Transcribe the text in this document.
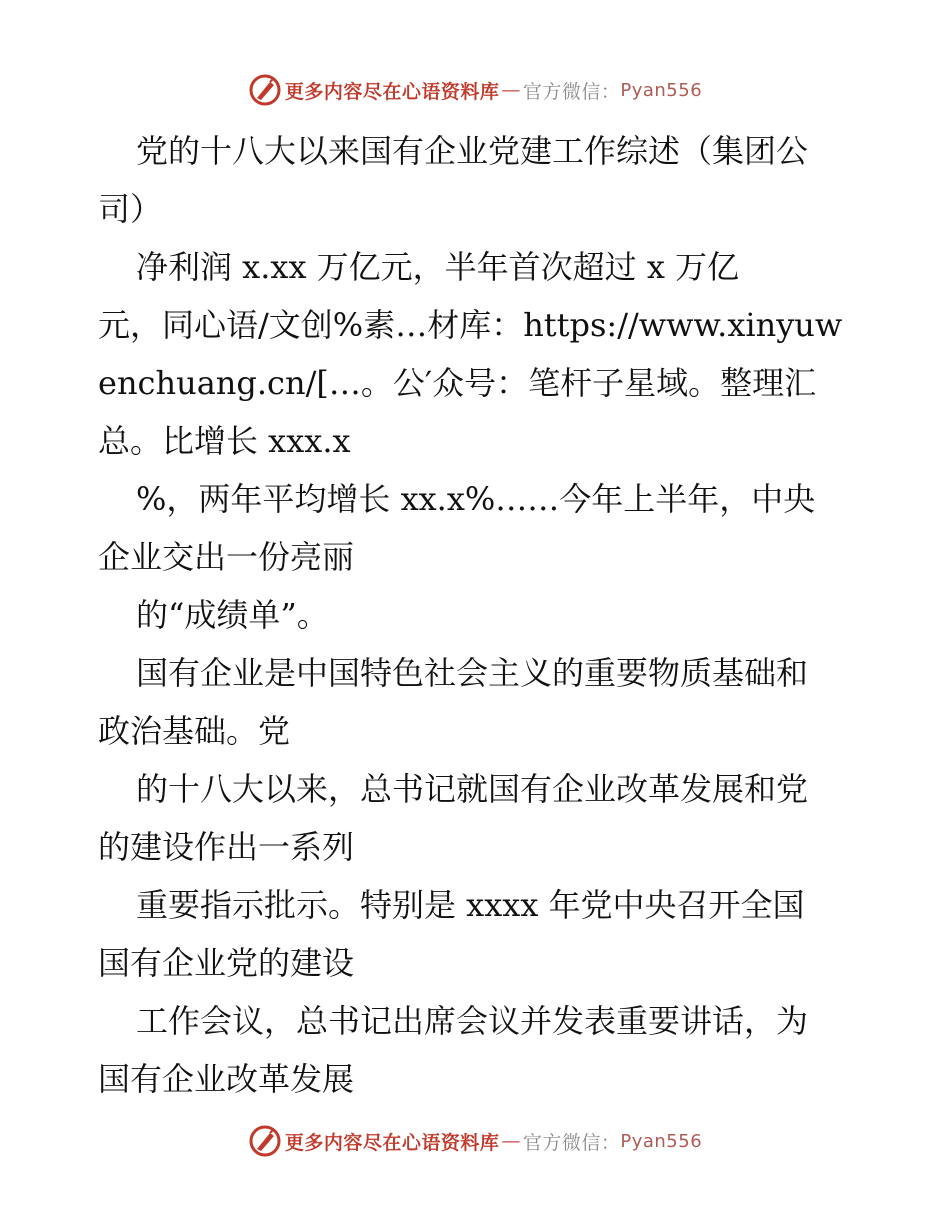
更多内容尽在心语资料库 — 官方微信： Pyan556
党的十八大以来国有企业党建工作综述（集团公
司）
净利润 x.xx 万亿元，半年首次超过 x 万亿
元，同心语/文创%素…材库：https://www.xinyuw
enchuang.cn/[…。公′众号：笔杆子星域。整理汇
总。比增长 xxx.x
%，两年平均增长 xx.x%……今年上半年，中央
企业交出一份亮丽
的“成绩单”。
国有企业是中国特色社会主义的重要物质基础和
政治基础。党
的十八大以来，总书记就国有企业改革发展和党
的建设作出一系列
重要指示批示。特别是 xxxx 年党中央召开全国
国有企业党的建设
工作会议，总书记出席会议并发表重要讲话，为
国有企业改革发展
更多内容尽在心语资料库 — 官方微信： Pyan556
